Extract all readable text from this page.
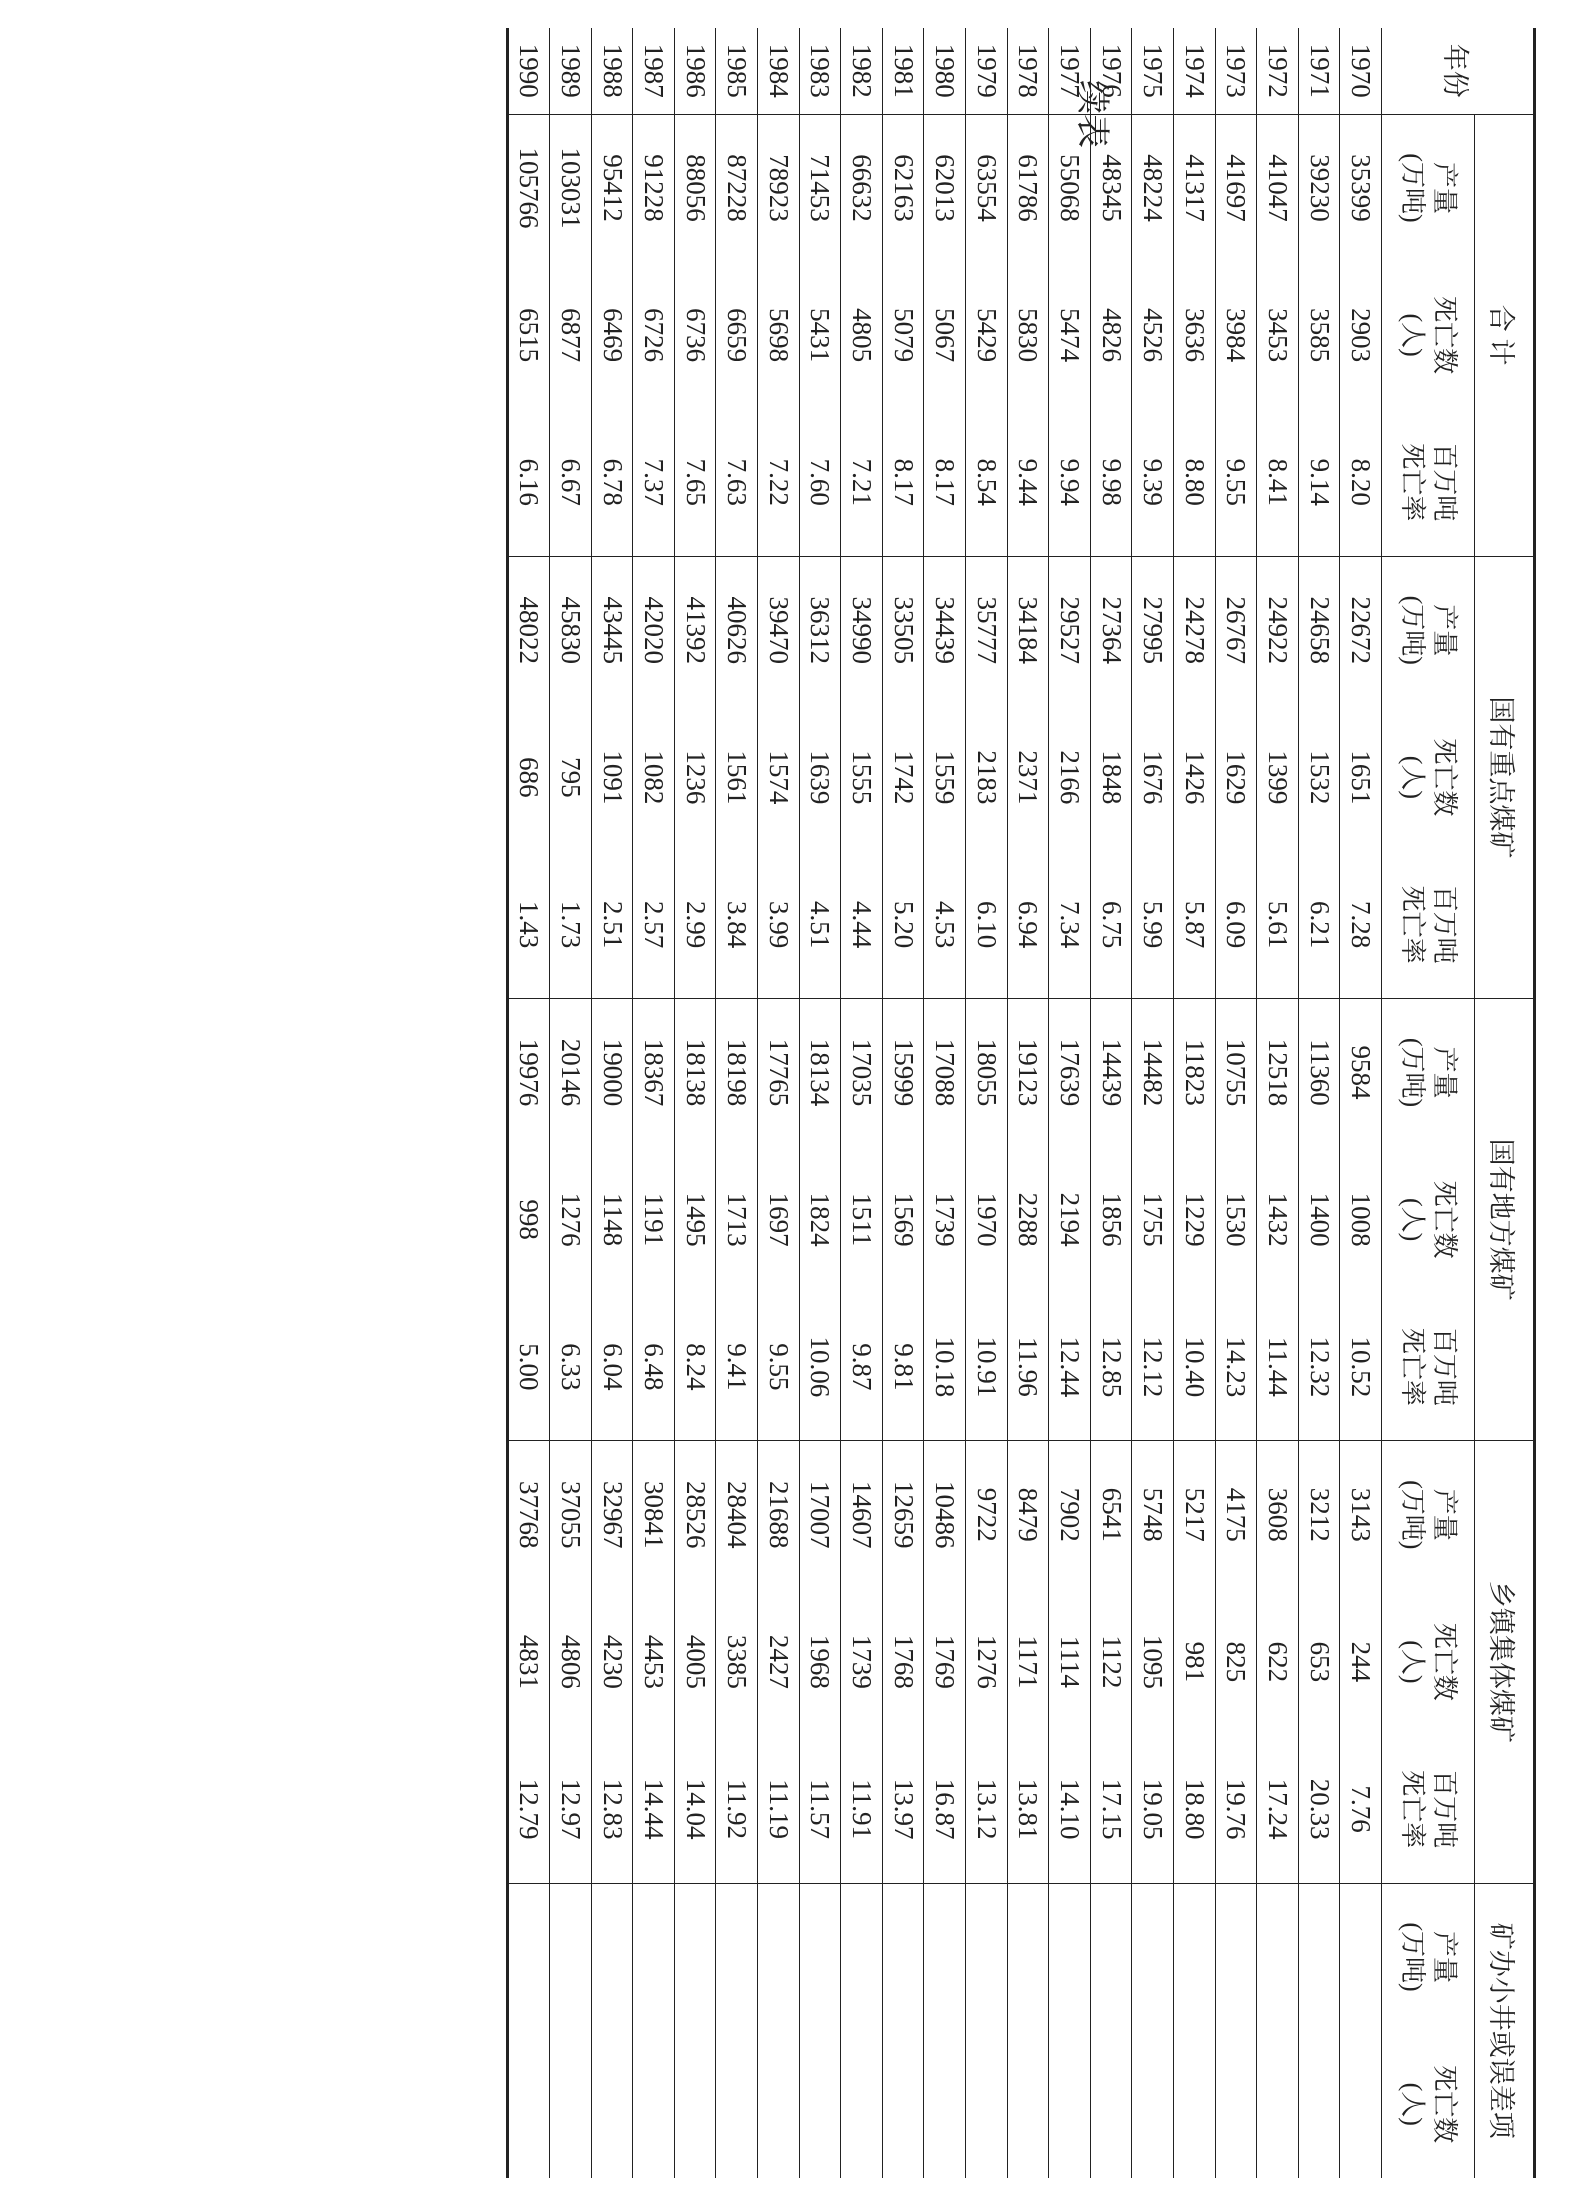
续表
年份	合 计			国有重点煤矿			国有地方煤矿			乡镇集体煤矿			矿办小井或误差项	

	产量
(万吨)	死亡数
(人)	百万吨
死亡率	产量
(万吨)	死亡数
(人)	百万吨
死亡率	产量
(万吨)	死亡数
(人)	百万吨
死亡率	产量
(万吨)	死亡数
(人)	百万吨
死亡率	产量
(万吨)	死亡数
(人)

1970	35399	2903	8.20	22672	1651	7.28	9584	1008	10.52	3143	244	7.76		
1971	39230	3585	9.14	24658	1532	6.21	11360	1400	12.32	3212	653	20.33		
1972	41047	3453	8.41	24922	1399	5.61	12518	1432	11.44	3608	622	17.24		
1973	41697	3984	9.55	26767	1629	6.09	10755	1530	14.23	4175	825	19.76		
1974	41317	3636	8.80	24278	1426	5.87	11823	1229	10.40	5217	981	18.80		
1975	48224	4526	9.39	27995	1676	5.99	14482	1755	12.12	5748	1095	19.05		
1976	48345	4826	9.98	27364	1848	6.75	14439	1856	12.85	6541	1122	17.15		
1977	55068	5474	9.94	29527	2166	7.34	17639	2194	12.44	7902	1114	14.10		
1978	61786	5830	9.44	34184	2371	6.94	19123	2288	11.96	8479	1171	13.81		
1979	63554	5429	8.54	35777	2183	6.10	18055	1970	10.91	9722	1276	13.12		
1980	62013	5067	8.17	34439	1559	4.53	17088	1739	10.18	10486	1769	16.87		
1981	62163	5079	8.17	33505	1742	5.20	15999	1569	9.81	12659	1768	13.97		
1982	66632	4805	7.21	34990	1555	4.44	17035	1511	9.87	14607	1739	11.91		
1983	71453	5431	7.60	36312	1639	4.51	18134	1824	10.06	17007	1968	11.57		
1984	78923	5698	7.22	39470	1574	3.99	17765	1697	9.55	21688	2427	11.19		
1985	87228	6659	7.63	40626	1561	3.84	18198	1713	9.41	28404	3385	11.92		
1986	88056	6736	7.65	41392	1236	2.99	18138	1495	8.24	28526	4005	14.04		
1987	91228	6726	7.37	42020	1082	2.57	18367	1191	6.48	30841	4453	14.44		
1988	95412	6469	6.78	43445	1091	2.51	19000	1148	6.04	32967	4230	12.83		
1989	103031	6877	6.67	45830	795	1.73	20146	1276	6.33	37055	4806	12.97		
1990	105766	6515	6.16	48022	686	1.43	19976	998	5.00	37768	4831	12.79		
